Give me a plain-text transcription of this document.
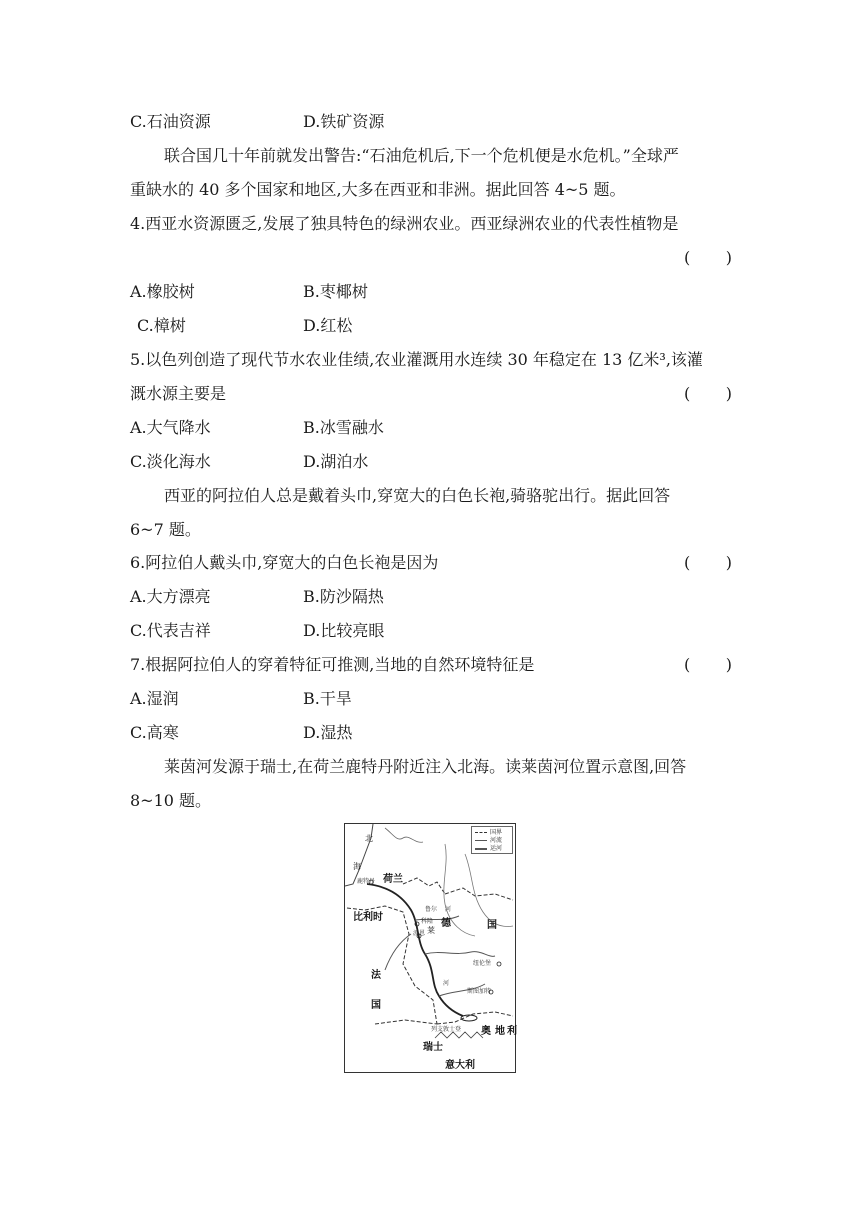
C.石油资源	D.铁矿资源
联合国几十年前就发出警告:“石油危机后,下一个危机便是水危机。”全球严
重缺水的 40 多个国家和地区,大多在西亚和非洲。据此回答 4~5 题。
4.西亚水资源匮乏,发展了独具特色的绿洲农业。西亚绿洲农业的代表性植物是
( )
A.橡胶树	B.枣椰树
C.樟树	D.红松
5.以色列创造了现代节水农业佳绩,农业灌溉用水连续 30 年稳定在 13 亿米³,该灌
溉水源主要是	( )
A.大气降水	B.冰雪融水
C.淡化海水	D.湖泊水
西亚的阿拉伯人总是戴着头巾,穿宽大的白色长袍,骑骆驼出行。据此回答
6~7 题。
6.阿拉伯人戴头巾,穿宽大的白色长袍是因为	( )
A.大方漂亮	B.防沙隔热
C.代表吉祥	D.比较亮眼
7.根据阿拉伯人的穿着特征可推测,当地的自然环境特征是	( )
A.湿润	B.干旱
C.高寒	D.湿热
莱茵河发源于瑞士,在荷兰鹿特丹附近注入北海。读莱茵河位置示意图,回答
8~10 题。
国界
河流
运河
北
海
鹿特丹 荷兰
比利时
鲁尔 河
科隆
波恩 莱
德	国
纽伦堡
斯图加特
河
法
国
列支敦士登 奥 地 利
瑞士
意大利
